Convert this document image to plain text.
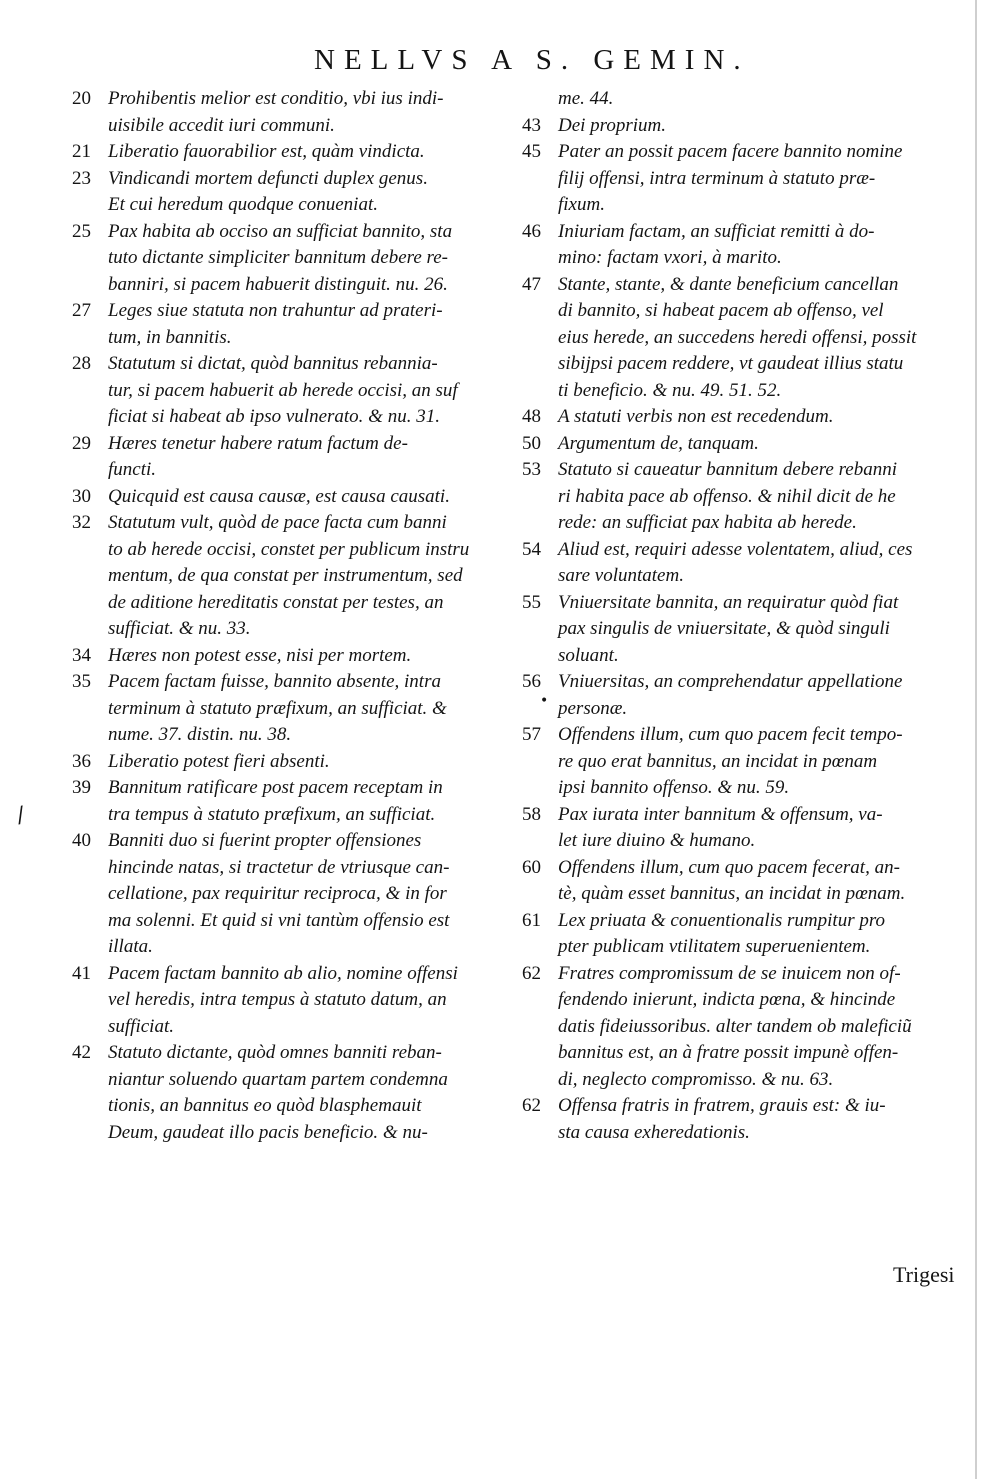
NELLVS A S. GEMIN.
20 Prohibentis melior est conditio, vbi ius indi-
uisibile accedit iuri communi.
21 Liberatio fauorabilior est, quàm vindicta.
23 Vindicandi mortem defuncti duplex genus.
Et cui heredum quodque conueniat.
25 Pax habita ab occiso an sufficiat bannito, sta
tuto dictante simpliciter bannitum debere re-
banniri, si pacem habuerit distinguit. nu. 26.
27 Leges siue statuta non trahuntur ad prateri-
tum, in bannitis.
28 Statutum si dictat, quòd bannitus rebannia-
tur, si pacem habuerit ab herede occisi, an suf
ficiat si habeat ab ipso vulnerato. & nu. 31.
29 Hæres tenetur habere ratum factum de-
functi.
30 Quicquid est causa causæ, est causa causati.
32 Statutum vult, quòd de pace facta cum banni
to ab herede occisi, constet per publicum instru
mentum, de qua constat per instrumentum, sed
de aditione hereditatis constat per testes, an
sufficiat. & nu. 33.
34 Hæres non potest esse, nisi per mortem.
35 Pacem factam fuisse, bannito absente, intra
terminum à statuto præfixum, an sufficiat. &
nume. 37. distin. nu. 38.
36 Liberatio potest fieri absenti.
39 Bannitum ratificare post pacem receptam in
tra tempus à statuto præfixum, an sufficiat.
40 Banniti duo si fuerint propter offensiones
hincinde natas, si tractetur de vtriusque can-
cellatione, pax requiritur reciproca, & in for
ma solenni. Et quid si vni tantùm offensio est
illata.
41 Pacem factam bannito ab alio, nomine offensi
vel heredis, intra tempus à statuto datum, an
sufficiat.
42 Statuto dictante, quòd omnes banniti reban-
niantur soluendo quartam partem condemna
tionis, an bannitus eo quòd blasphemauit
Deum, gaudeat illo pacis beneficio. & nu-
me. 44.
43 Dei proprium.
45 Pater an possit pacem facere bannito nomine
filij offensi, intra terminum à statuto præ-
fixum.
46 Iniuriam factam, an sufficiat remitti à do-
mino: factam vxori, à marito.
47 Stante, stante, & dante beneficium cancellan
di bannito, si habeat pacem ab offenso, vel
eius herede, an succedens heredi offensi, possit
sibijpsi pacem reddere, vt gaudeat illius statu
ti beneficio. & nu. 49. 51. 52.
48 A statuti verbis non est recedendum.
50 Argumentum de, tanquam.
53 Statuto si caueatur bannitum debere rebanni
ri habita pace ab offenso. & nihil dicit de he
rede: an sufficiat pax habita ab herede.
54 Aliud est, requiri adesse volentatem, aliud, ces
sare voluntatem.
55 Vniuersitate bannita, an requiratur quòd fiat
pax singulis de vniuersitate, & quòd singuli
soluant.
56 Vniuersitas, an comprehendatur appellatione
personæ.
57 Offendens illum, cum quo pacem fecit tempo-
re quo erat bannitus, an incidat in pœnam
ipsi bannito offenso. & nu. 59.
58 Pax iurata inter bannitum & offensum, va-
let iure diuino & humano.
60 Offendens illum, cum quo pacem fecerat, an-
tè, quàm esset bannitus, an incidat in pœnam.
61 Lex priuata & conuentionalis rumpitur pro
pter publicam vtilitatem superuenientem.
62 Fratres compromissum de se inuicem non of-
fendendo inierunt, indicta pœna, & hincinde
datis fideiussoribus. alter tandem ob maleficiũ
bannitus est, an à fratre possit impunè offen-
di, neglecto compromisso. & nu. 63.
62 Offensa fratris in fratrem, grauis est: & iu-
sta causa exheredationis.
/
•
Trigesi
